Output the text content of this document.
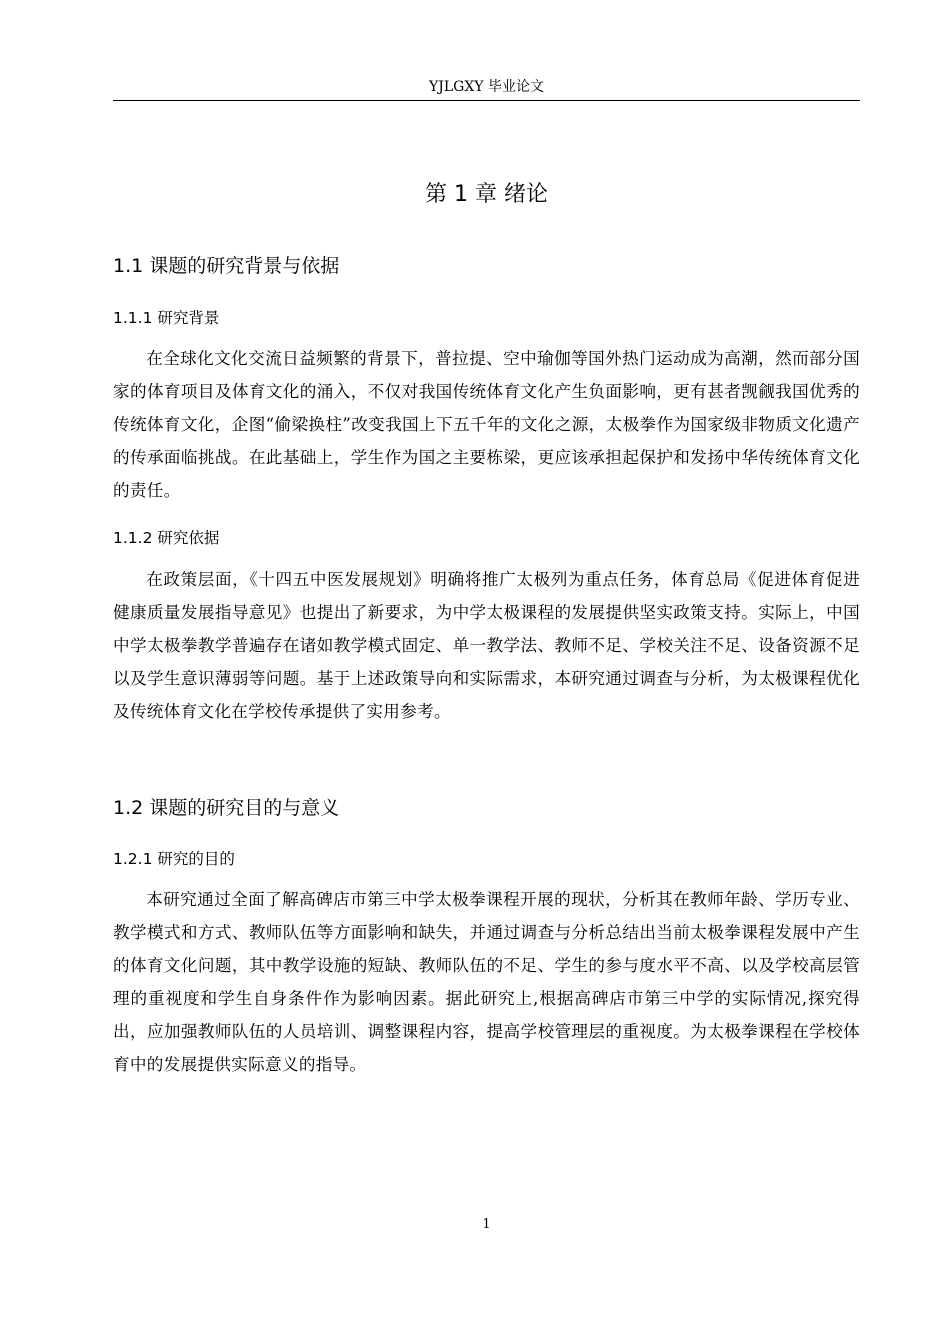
YJLGXY 毕业论文
第 1 章 绪论
1.1 课题的研究背景与依据
1.1.1 研究背景

在全球化文化交流日益频繁的背景下，普拉提、空中瑜伽等国外热门运动成为高潮，然而部分国家的体育项目及体育文化的涌入，不仅对我国传统体育文化产生负面影响，更有甚者觊觎我国优秀的传统体育文化，企图“偷梁换柱”改变我国上下五千年的文化之源，太极拳作为国家级非物质文化遗产的传承面临挑战。在此基础上，学生作为国之主要栋梁，更应该承担起保护和发扬中华传统体育文化的责任。

1.1.2 研究依据

在政策层面，《十四五中医发展规划》明确将推广太极列为重点任务，体育总局《促进体育促进健康质量发展指导意见》也提出了新要求，为中学太极课程的发展提供坚实政策支持。实际上，中国中学太极拳教学普遍存在诸如教学模式固定、单一教学法、教师不足、学校关注不足、设备资源不足以及学生意识薄弱等问题。基于上述政策导向和实际需求，本研究通过调查与分析，为太极课程优化及传统体育文化在学校传承提供了实用参考。

1.2 课题的研究目的与意义
1.2.1 研究的目的

本研究通过全面了解高碑店市第三中学太极拳课程开展的现状，分析其在教师年龄、学历专业、教学模式和方式、教师队伍等方面影响和缺失，并通过调查与分析总结出当前太极拳课程发展中产生的体育文化问题，其中教学设施的短缺、教师队伍的不足、学生的参与度水平不高、以及学校高层管理的重视度和学生自身条件作为影响因素。据此研究上,根据高碑店市第三中学的实际情况,探究得出，应加强教师队伍的人员培训、调整课程内容，提高学校管理层的重视度。为太极拳课程在学校体育中的发展提供实际意义的指导。

1
